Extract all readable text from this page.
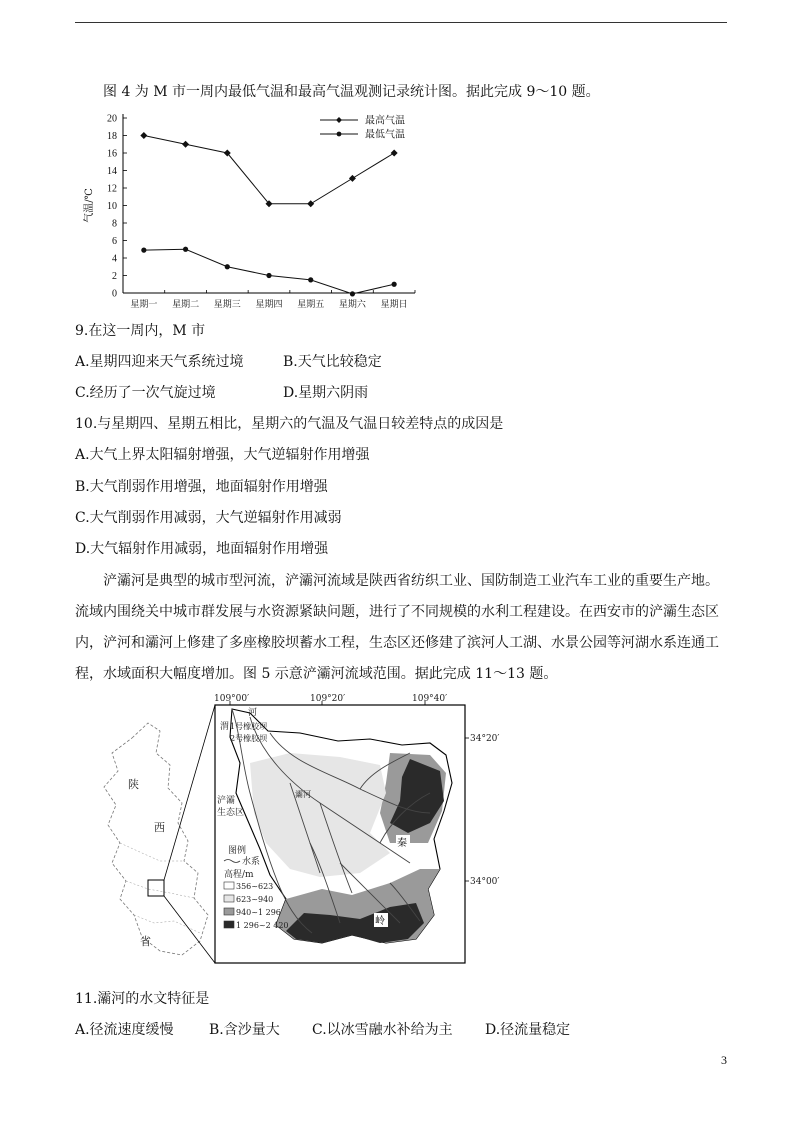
图 4 为 M 市一周内最低气温和最高气温观测记录统计图。据此完成 9～10 题。
0
2
4
6
8
10
12
14
16
18
20
星期一 星期二 星期三 星期四 星期五 星期六 星期日
气温/℃
最高气温
最低气温
9.在这一周内，M 市
A.星期四迎来天气系统过境	B.天气比较稳定
C.经历了一次气旋过境	D.星期六阴雨
10.与星期四、星期五相比，星期六的气温及气温日较差特点的成因是
A.大气上界太阳辐射增强，大气逆辐射作用增强
B.大气削弱作用增强，地面辐射作用增强
C.大气削弱作用减弱，大气逆辐射作用减弱
D.大气辐射作用减弱，地面辐射作用增强
浐灞河是典型的城市型河流，浐灞河流域是陕西省纺织工业、国防制造工业汽车工业的重要生产地。
流域内围绕关中城市群发展与水资源紧缺问题，进行了不同规模的水利工程建设。在西安市的浐灞生态区
内，浐河和灞河上修建了多座橡胶坝蓄水工程，生态区还修建了滨河人工湖、水景公园等河湖水系连通工
程，水域面积大幅度增加。图 5 示意浐灞河流域范围。据此完成 11～13 题。
陕
西
省
109°00′	109°20′	109°40′
34°20′
34°00′
河
渭 1号橡胶坝
2号橡胶坝
浐灞
生态区
灞河
秦
岭
图例
水系
高程/m
356~623
623~940
940~1 296
1 296~2 420
11.灞河的水文特征是
A.径流速度缓慢	B.含沙量大 C.以冰雪融水补给为主 D.径流量稳定
3
